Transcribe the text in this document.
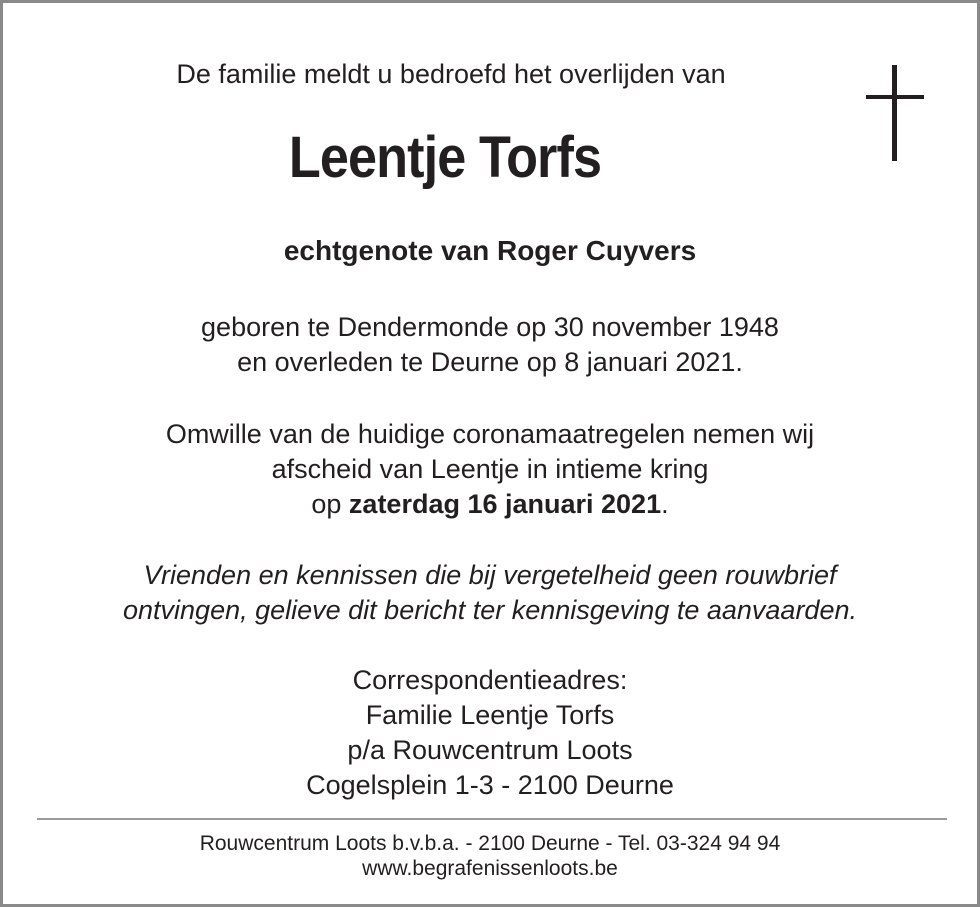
De familie meldt u bedroefd het overlijden van
Leentje Torfs
echtgenote van Roger Cuyvers
geboren te Dendermonde op 30 november 1948
en overleden te Deurne op 8 januari 2021.
Omwille van de huidige coronamaatregelen nemen wij
afscheid van Leentje in intieme kring
op zaterdag 16 januari 2021.
Vrienden en kennissen die bij vergetelheid geen rouwbrief
ontvingen, gelieve dit bericht ter kennisgeving te aanvaarden.
Correspondentieadres:
Familie Leentje Torfs
p/a Rouwcentrum Loots
Cogelsplein 1-3 - 2100 Deurne
Rouwcentrum Loots b.v.b.a. - 2100 Deurne - Tel. 03-324 94 94
www.begrafenissenloots.be
